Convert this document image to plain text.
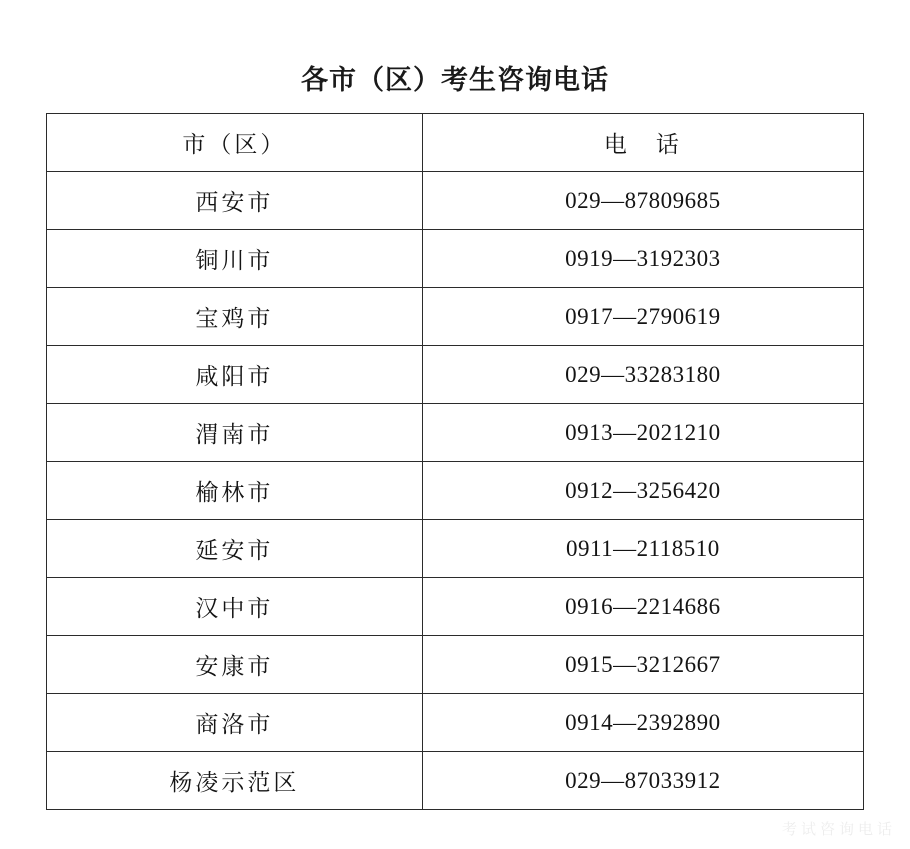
各市（区）考生咨询电话
市（区）	电　话
西安市	029—87809685
铜川市	0919—3192303
宝鸡市	0917—2790619
咸阳市	029—33283180
渭南市	0913—2021210
榆林市	0912—3256420
延安市	0911—2118510
汉中市	0916—2214686
安康市	0915—3212667
商洛市	0914—2392890
杨凌示范区	029—87033912
考试咨询电话
